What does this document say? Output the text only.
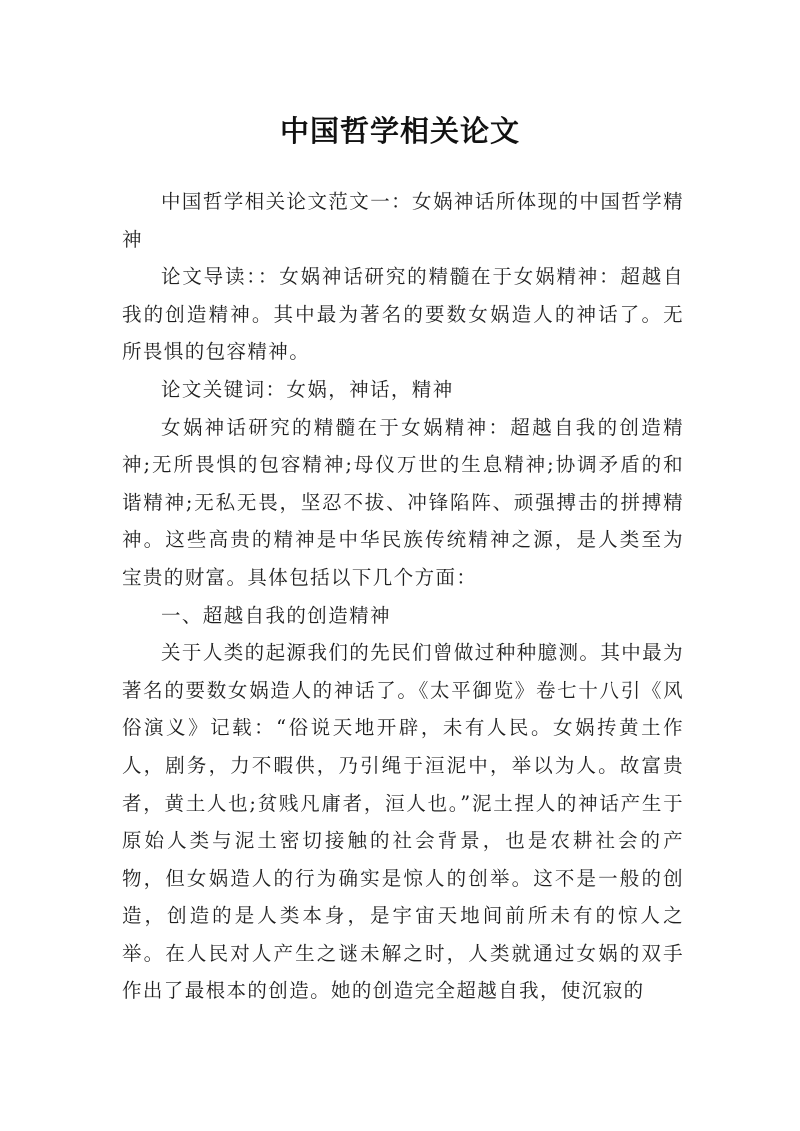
中国哲学相关论文

中国哲学相关论文范文一：女娲神话所体现的中国哲学精神

论文导读：：女娲神话研究的精髓在于女娲精神：超越自我的创造精神。其中最为著名的要数女娲造人的神话了。无所畏惧的包容精神。

论文关键词：女娲，神话，精神

女娲神话研究的精髓在于女娲精神：超越自我的创造精神;无所畏惧的包容精神;母仪万世的生息精神;协调矛盾的和谐精神;无私无畏，坚忍不拔、冲锋陷阵、顽强搏击的拼搏精神。这些高贵的精神是中华民族传统精神之源，是人类至为宝贵的财富。具体包括以下几个方面：

一、超越自我的创造精神

关于人类的起源我们的先民们曾做过种种臆测。其中最为著名的要数女娲造人的神话了。《太平御览》卷七十八引《风俗演义》记载：“俗说天地开辟，未有人民。女娲抟黄土作人，剧务，力不暇供，乃引绳于洹泥中，举以为人。故富贵者，黄土人也;贫贱凡庸者，洹人也。”泥土捏人的神话产生于原始人类与泥土密切接触的社会背景，也是农耕社会的产物，但女娲造人的行为确实是惊人的创举。这不是一般的创造，创造的是人类本身，是宇宙天地间前所未有的惊人之举。在人民对人产生之谜未解之时，人类就通过女娲的双手作出了最根本的创造。她的创造完全超越自我，使沉寂的
